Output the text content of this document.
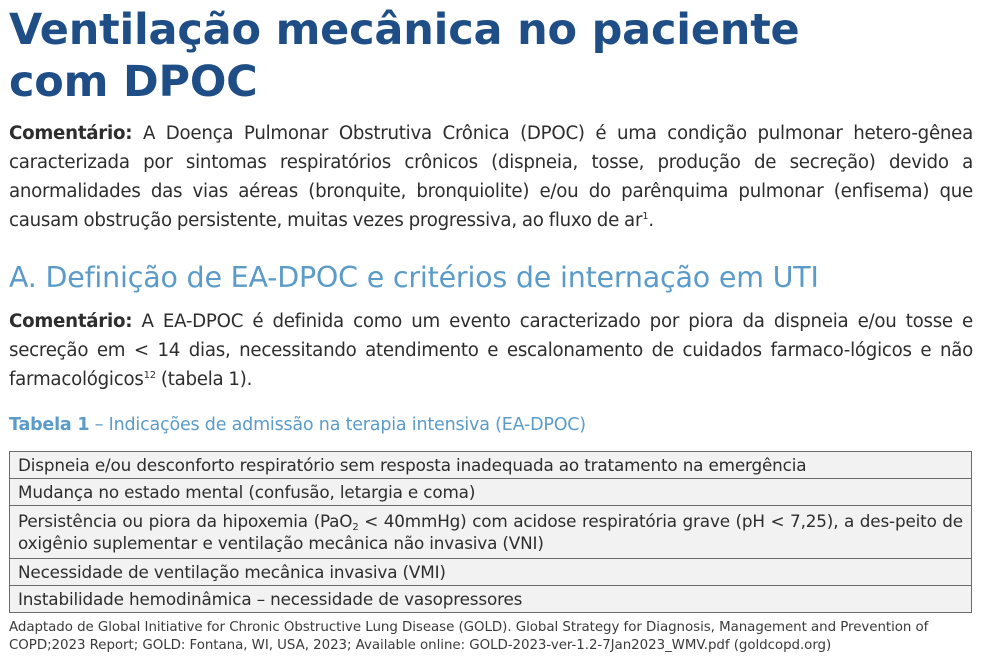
Ventilação mecânica no paciente
com DPOC

Comentário: A Doença Pulmonar Obstrutiva Crônica (DPOC) é uma condição pulmonar hetero-gênea caracterizada por sintomas respiratórios crônicos (dispneia, tosse, produção de secreção) devido a anormalidades das vias aéreas (bronquite, bronquiolite) e/ou do parênquima pulmonar (enfisema) que causam obstrução persistente, muitas vezes progressiva, ao fluxo de $ar^1$.

A. Definição de EA-DPOC e critérios de internação em UTI

Comentário: A EA-DPOC é definida como um evento caracterizado por piora da dispneia e/ou tosse e secreção em < 14 dias, necessitando atendimento e escalonamento de cuidados farmaco-lógicos e não farmacológicos$^{12}$ (tabela 1).

Tabela 1 – Indicações de admissão na terapia intensiva (EA-DPOC)

Dispneia e/ou desconforto respiratório sem resposta inadequada ao tratamento na emergência
Mudança no estado mental (confusão, letargia e coma)
Persistência ou piora da hipoxemia (PaO$_2$ < 40mmHg) com acidose respiratória grave (pH < 7,25), a des-peito de oxigênio suplementar e ventilação mecânica não invasiva (VNI)
Necessidade de ventilação mecânica invasiva (VMI)
Instabilidade hemodinâmica – necessidade de vasopressores

Adaptado de Global Initiative for Chronic Obstructive Lung Disease (GOLD). Global Strategy for Diagnosis, Management and Prevention of COPD;2023 Report; GOLD: Fontana, WI, USA, 2023; Available online: GOLD-2023-ver-1.2-7Jan2023_WMV.pdf (goldcopd.org)
